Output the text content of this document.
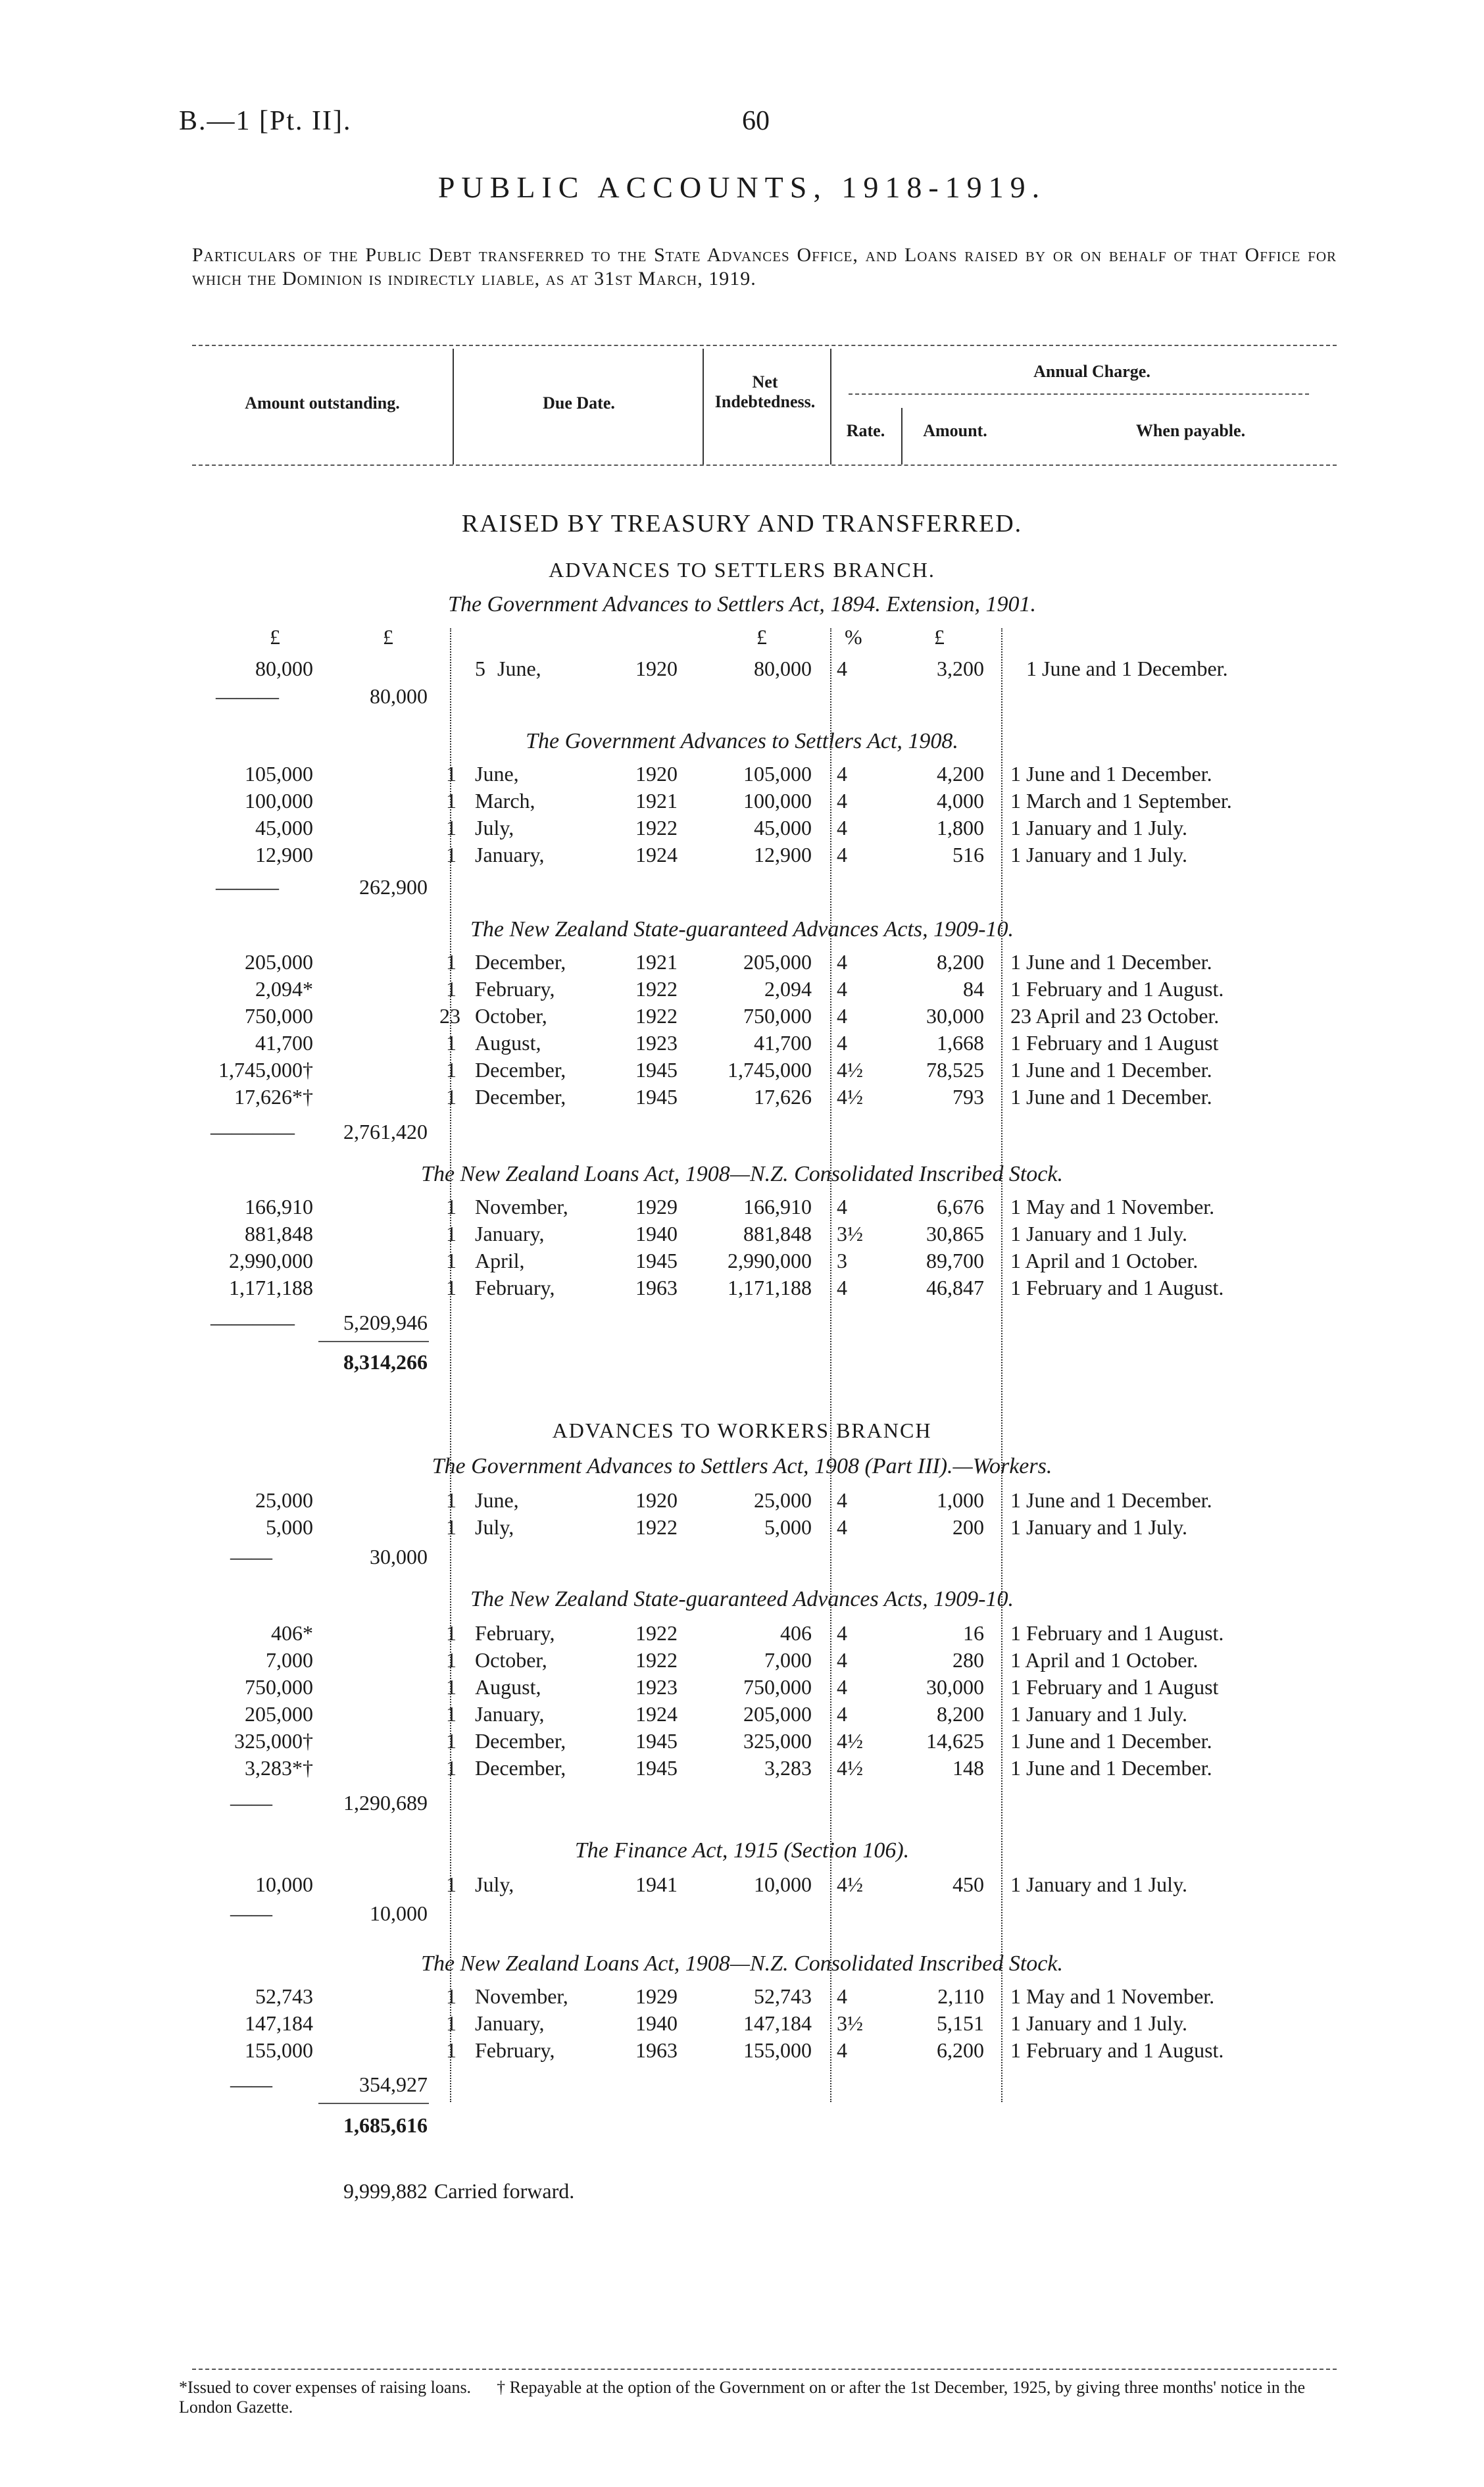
B.—1 [Pt. II].	60
PUBLIC ACCOUNTS, 1918-1919.
Particulars of the Public Debt transferred to the State Advances Office, and Loans raised by or on behalf of that Office for which the Dominion is indirectly liable, as at 31st March, 1919.
Amount outstanding.	Due Date.
Net Indebtedness.
Annual Charge.
Rate.	Amount.	When payable.
RAISED BY TREASURY AND TRANSFERRED.
ADVANCES TO SETTLERS BRANCH.
The Government Advances to Settlers Act, 1894. Extension, 1901.
£	£	£	%	£
80,000	5 June,	1920	80,000 4	3,200 1 June and 1 December.
———	80,000
The Government Advances to Settlers Act, 1908.
105,000	1 June,	1920	105,000 4	4,200 1 June and 1 December.
100,000	1 March,	1921	100,000 4	4,000 1 March and 1 September.
45,000	1 July,	1922	45,000 4	1,800 1 January and 1 July.
12,900	1 January,	1924	12,900 4	516 1 January and 1 July.
———	262,900
The New Zealand State-guaranteed Advances Acts, 1909-10.
205,000	1 December,	1921	205,000 4	8,200 1 June and 1 December.
2,094*	1 February,	1922	2,094 4	84 1 February and 1 August.
750,000	23 October,	1922	750,000 4	30,000 23 April and 23 October.
41,700	1 August,	1923	41,700 4	1,668 1 February and 1 August
1,745,000†	1 December,	1945 1,745,000 4½	78,525 1 June and 1 December.
17,626*†	1 December,	1945	17,626 4½	793 1 June and 1 December.
———— 2,761,420
The New Zealand Loans Act, 1908—N.Z. Consolidated Inscribed Stock.
166,910	1 November,	1929	166,910 4	6,676 1 May and 1 November.
881,848	1 January,	1940	881,848 3½	30,865 1 January and 1 July.
2,990,000	1 April,	1945 2,990,000 3	89,700 1 April and 1 October.
1,171,188	1 February,	1963 1,171,188 4	46,847 1 February and 1 August.
———— 5,209,946
8,314,266
ADVANCES TO WORKERS BRANCH
The Government Advances to Settlers Act, 1908 (Part III).—Workers.
25,000	1 June,	1920	25,000 4	1,000 1 June and 1 December.
5,000	1 July,	1922	5,000 4	200 1 January and 1 July.
——	30,000
The New Zealand State-guaranteed Advances Acts, 1909-10.
406*	1 February,	1922	406 4	16 1 February and 1 August.
7,000	1 October,	1922	7,000 4	280 1 April and 1 October.
750,000	1 August,	1923	750,000 4	30,000 1 February and 1 August
205,000	1 January,	1924	205,000 4	8,200 1 January and 1 July.
325,000†	1 December,	1945	325,000 4½	14,625 1 June and 1 December.
3,283*†	1 December,	1945	3,283 4½	148 1 June and 1 December.
——	1,290,689
The Finance Act, 1915 (Section 106).
10,000	1 July,	1941	10,000 4½	450 1 January and 1 July.
——	10,000
The New Zealand Loans Act, 1908—N.Z. Consolidated Inscribed Stock.
52,743	1 November,	1929	52,743 4	2,110 1 May and 1 November.
147,184	1 January,	1940	147,184 3½	5,151 1 January and 1 July.
155,000	1 February,	1963	155,000 4	6,200 1 February and 1 August.
——	354,927
1,685,616
9,999,882 Carried forward.
*Issued to cover expenses of raising loans. † Repayable at the option of the Government on or after the 1st December, 1925, by giving three months' notice in the London Gazette.
